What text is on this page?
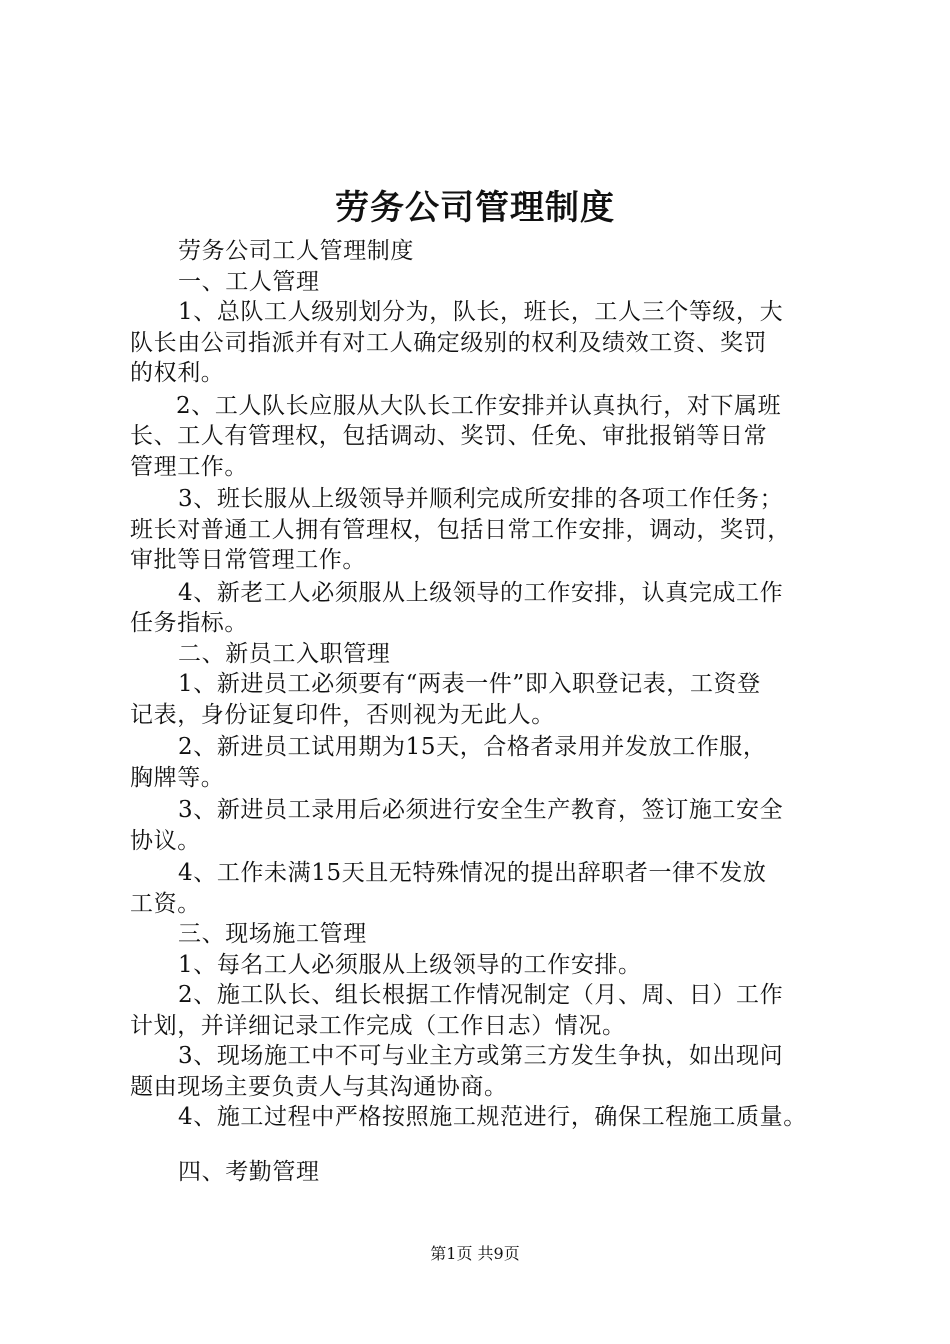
劳务公司管理制度
劳务公司工人管理制度
一、工人管理
1、总队工人级别划分为，队长，班长，工人三个等级，大
队长由公司指派并有对工人确定级别的权利及绩效工资、奖罚
的权利。
2、工人队长应服从大队长工作安排并认真执行，对下属班
长、工人有管理权，包括调动、奖罚、任免、审批报销等日常
管理工作。
3、班长服从上级领导并顺利完成所安排的各项工作任务；
班长对普通工人拥有管理权，包括日常工作安排，调动，奖罚，
审批等日常管理工作。
4、新老工人必须服从上级领导的工作安排，认真完成工作
任务指标。
二、新员工入职管理
1、新进员工必须要有“两表一件”即入职登记表，工资登
记表，身份证复印件，否则视为无此人。
2、新进员工试用期为15天，合格者录用并发放工作服，
胸牌等。
3、新进员工录用后必须进行安全生产教育，签订施工安全
协议。
4、工作未满15天且无特殊情况的提出辞职者一律不发放
工资。
三、现场施工管理
1、每名工人必须服从上级领导的工作安排。
2、施工队长、组长根据工作情况制定（月、周、日）工作
计划，并详细记录工作完成（工作日志）情况。
3、现场施工中不可与业主方或第三方发生争执，如出现问
题由现场主要负责人与其沟通协商。
4、施工过程中严格按照施工规范进行，确保工程施工质量。
四、考勤管理
第1页 共9页
